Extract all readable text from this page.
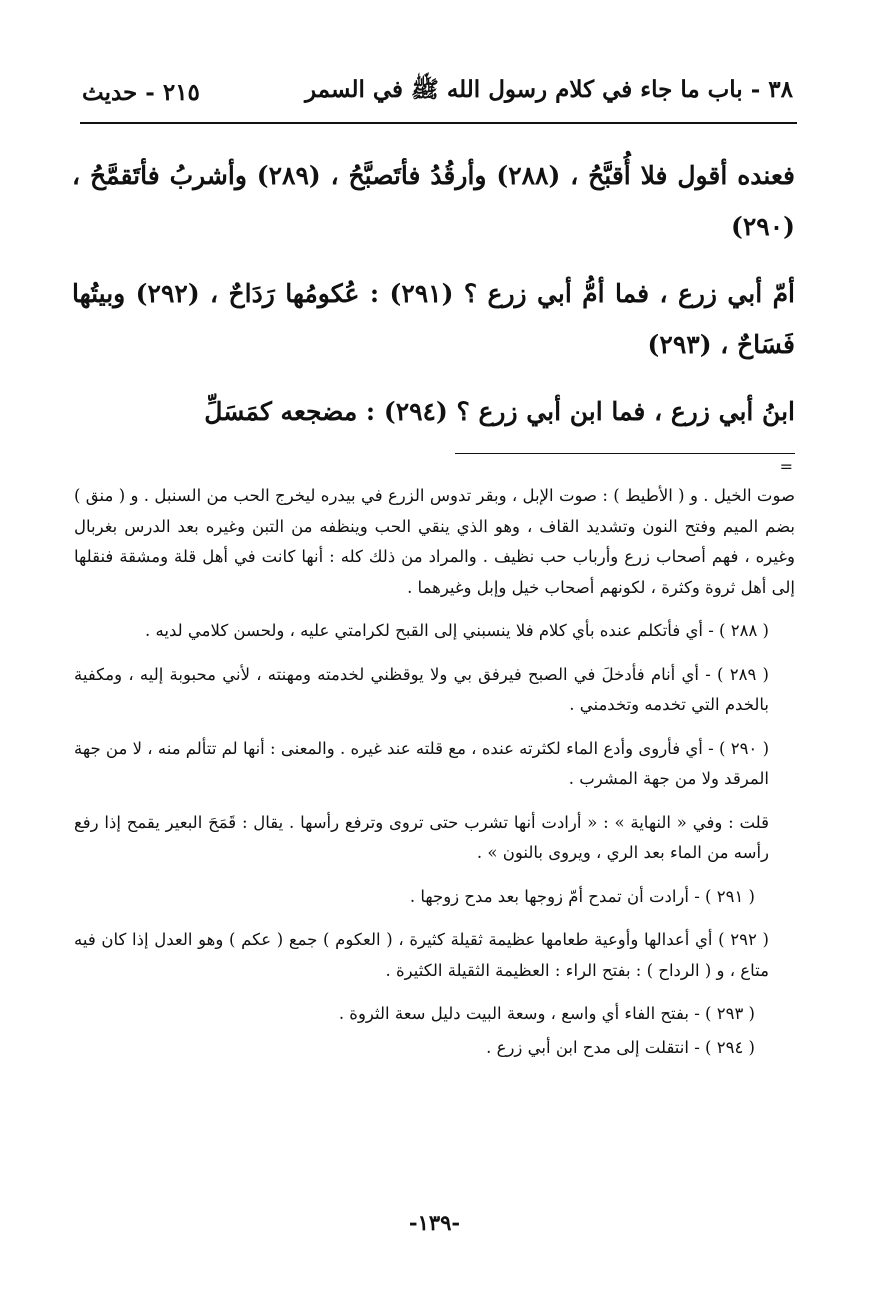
٣٨ - باب ما جاء في كلام رسول الله ﷺ في السمر
٢١٥ - حديث

فعنده أقول فلا أُقبَّحُ ، (٢٨٨) وأرقُدُ فأتَصبَّحُ ، (٢٨٩) وأشربُ فأتَقمَّحُ ، (٢٩٠)

أمّ أبي زرع ، فما أمُّ أبي زرع ؟ (٢٩١) : عُكومُها رَدَاحٌ ، (٢٩٢) وبيتُها فَسَاحٌ ، (٢٩٣)

ابنُ أبي زرع ، فما ابن أبي زرع ؟ (٢٩٤) : مضجعه كمَسَلِّ

=

صوت الخيل . و ( الأطيط ) : صوت الإبل ، وبقر تدوس الزرع في بيدره ليخرج الحب من السنبل . و ( منق ) بضم الميم وفتح النون وتشديد القاف ، وهو الذي ينقي الحب وينظفه من التبن وغيره بعد الدرس بغربال وغيره ، فهم أصحاب زرع وأرباب حب نظيف . والمراد من ذلك كله : أنها كانت في أهل قلة ومشقة فنقلها إلى أهل ثروة وكثرة ، لكونهم أصحاب خيل وإبل وغيرهما .

( ٢٨٨ ) - أي فأتكلم عنده بأي كلام فلا ينسبني إلى القبح لكرامتي عليه ، ولحسن كلامي لديه .

( ٢٨٩ ) - أي أنام فأدخلَ في الصبح فيرفق بي ولا يوقظني لخدمته ومهنته ، لأني محبوبة إليه ، ومكفية بالخدم التي تخدمه وتخدمني .

( ٢٩٠ ) - أي فأروى وأدع الماء لكثرته عنده ، مع قلته عند غيره . والمعنى : أنها لم تتألم منه ، لا من جهة المرقد ولا من جهة المشرب .

قلت : وفي « النهاية » : « أرادت أنها تشرب حتى تروى وترفع رأسها . يقال : قَمَحَ البعير يقمح إذا رفع رأسه من الماء بعد الري ، ويروى بالنون » .

( ٢٩١ ) - أرادت أن تمدح أمّ زوجها بعد مدح زوجها .

( ٢٩٢ ) أي أعدالها وأوعية طعامها عظيمة ثقيلة كثيرة ، ( العكوم ) جمع ( عكم ) وهو العدل إذا كان فيه متاع ، و ( الرداح ) : بفتح الراء : العظيمة الثقيلة الكثيرة .

( ٢٩٣ ) - بفتح الفاء أي واسع ، وسعة البيت دليل سعة الثروة .

( ٢٩٤ ) - انتقلت إلى مدح ابن أبي زرع .

-١٣٩-
